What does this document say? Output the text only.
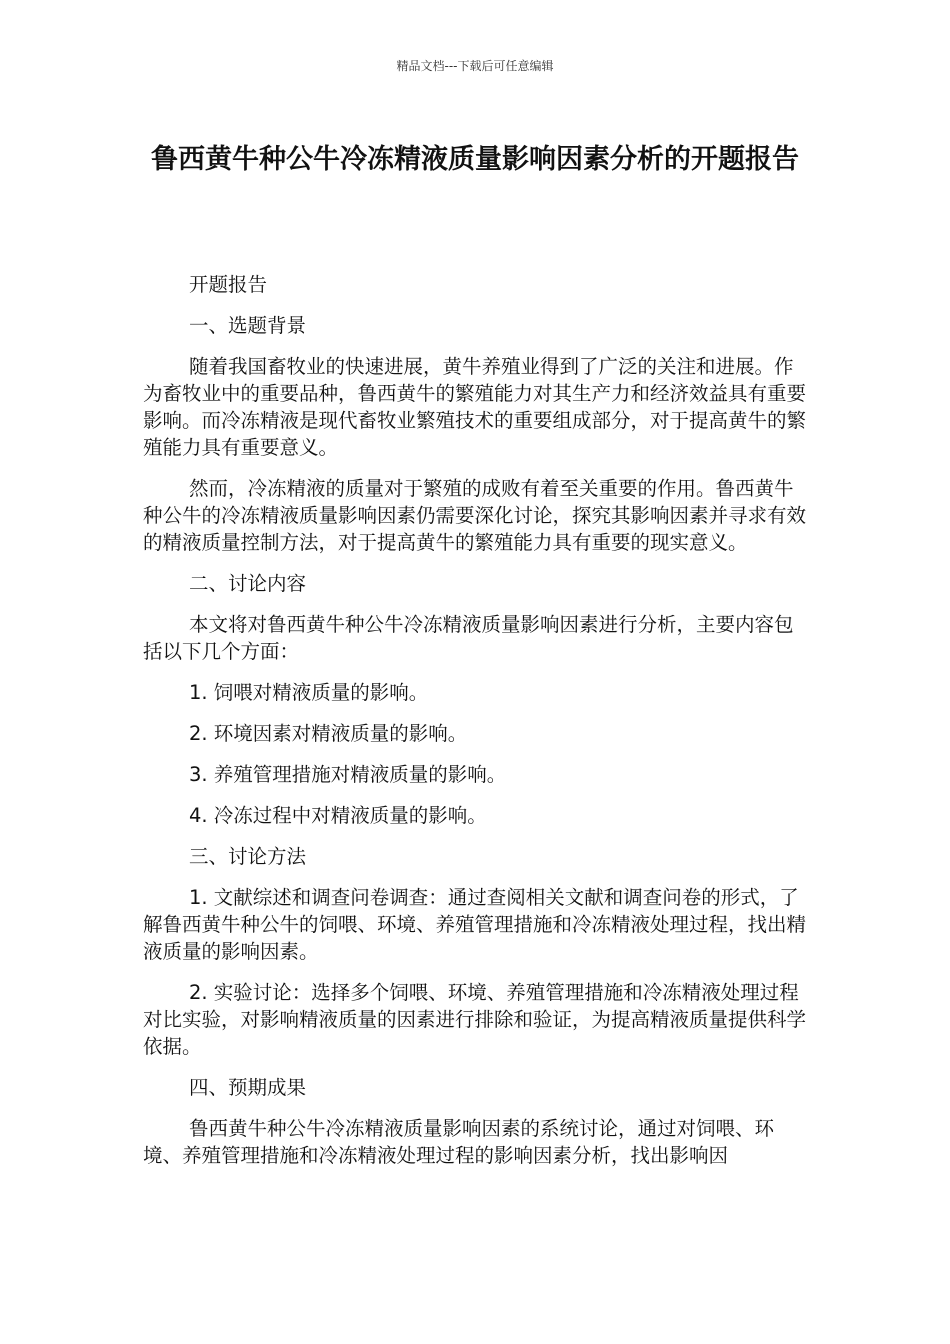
精品文档---下载后可任意编辑
鲁西黄牛种公牛冷冻精液质量影响因素分析的开题报告

开题报告

一、选题背景

随着我国畜牧业的快速进展，黄牛养殖业得到了广泛的关注和进展。作为畜牧业中的重要品种，鲁西黄牛的繁殖能力对其生产力和经济效益具有重要影响。而冷冻精液是现代畜牧业繁殖技术的重要组成部分，对于提高黄牛的繁殖能力具有重要意义。

然而，冷冻精液的质量对于繁殖的成败有着至关重要的作用。鲁西黄牛种公牛的冷冻精液质量影响因素仍需要深化讨论，探究其影响因素并寻求有效的精液质量控制方法，对于提高黄牛的繁殖能力具有重要的现实意义。

二、讨论内容

本文将对鲁西黄牛种公牛冷冻精液质量影响因素进行分析，主要内容包括以下几个方面：

1. 饲喂对精液质量的影响。

2. 环境因素对精液质量的影响。

3. 养殖管理措施对精液质量的影响。

4. 冷冻过程中对精液质量的影响。

三、讨论方法

1. 文献综述和调查问卷调查：通过查阅相关文献和调查问卷的形式，了解鲁西黄牛种公牛的饲喂、环境、养殖管理措施和冷冻精液处理过程，找出精液质量的影响因素。

2. 实验讨论：选择多个饲喂、环境、养殖管理措施和冷冻精液处理过程对比实验，对影响精液质量的因素进行排除和验证，为提高精液质量提供科学依据。

四、预期成果

鲁西黄牛种公牛冷冻精液质量影响因素的系统讨论，通过对饲喂、环境、养殖管理措施和冷冻精液处理过程的影响因素分析，找出影响因
